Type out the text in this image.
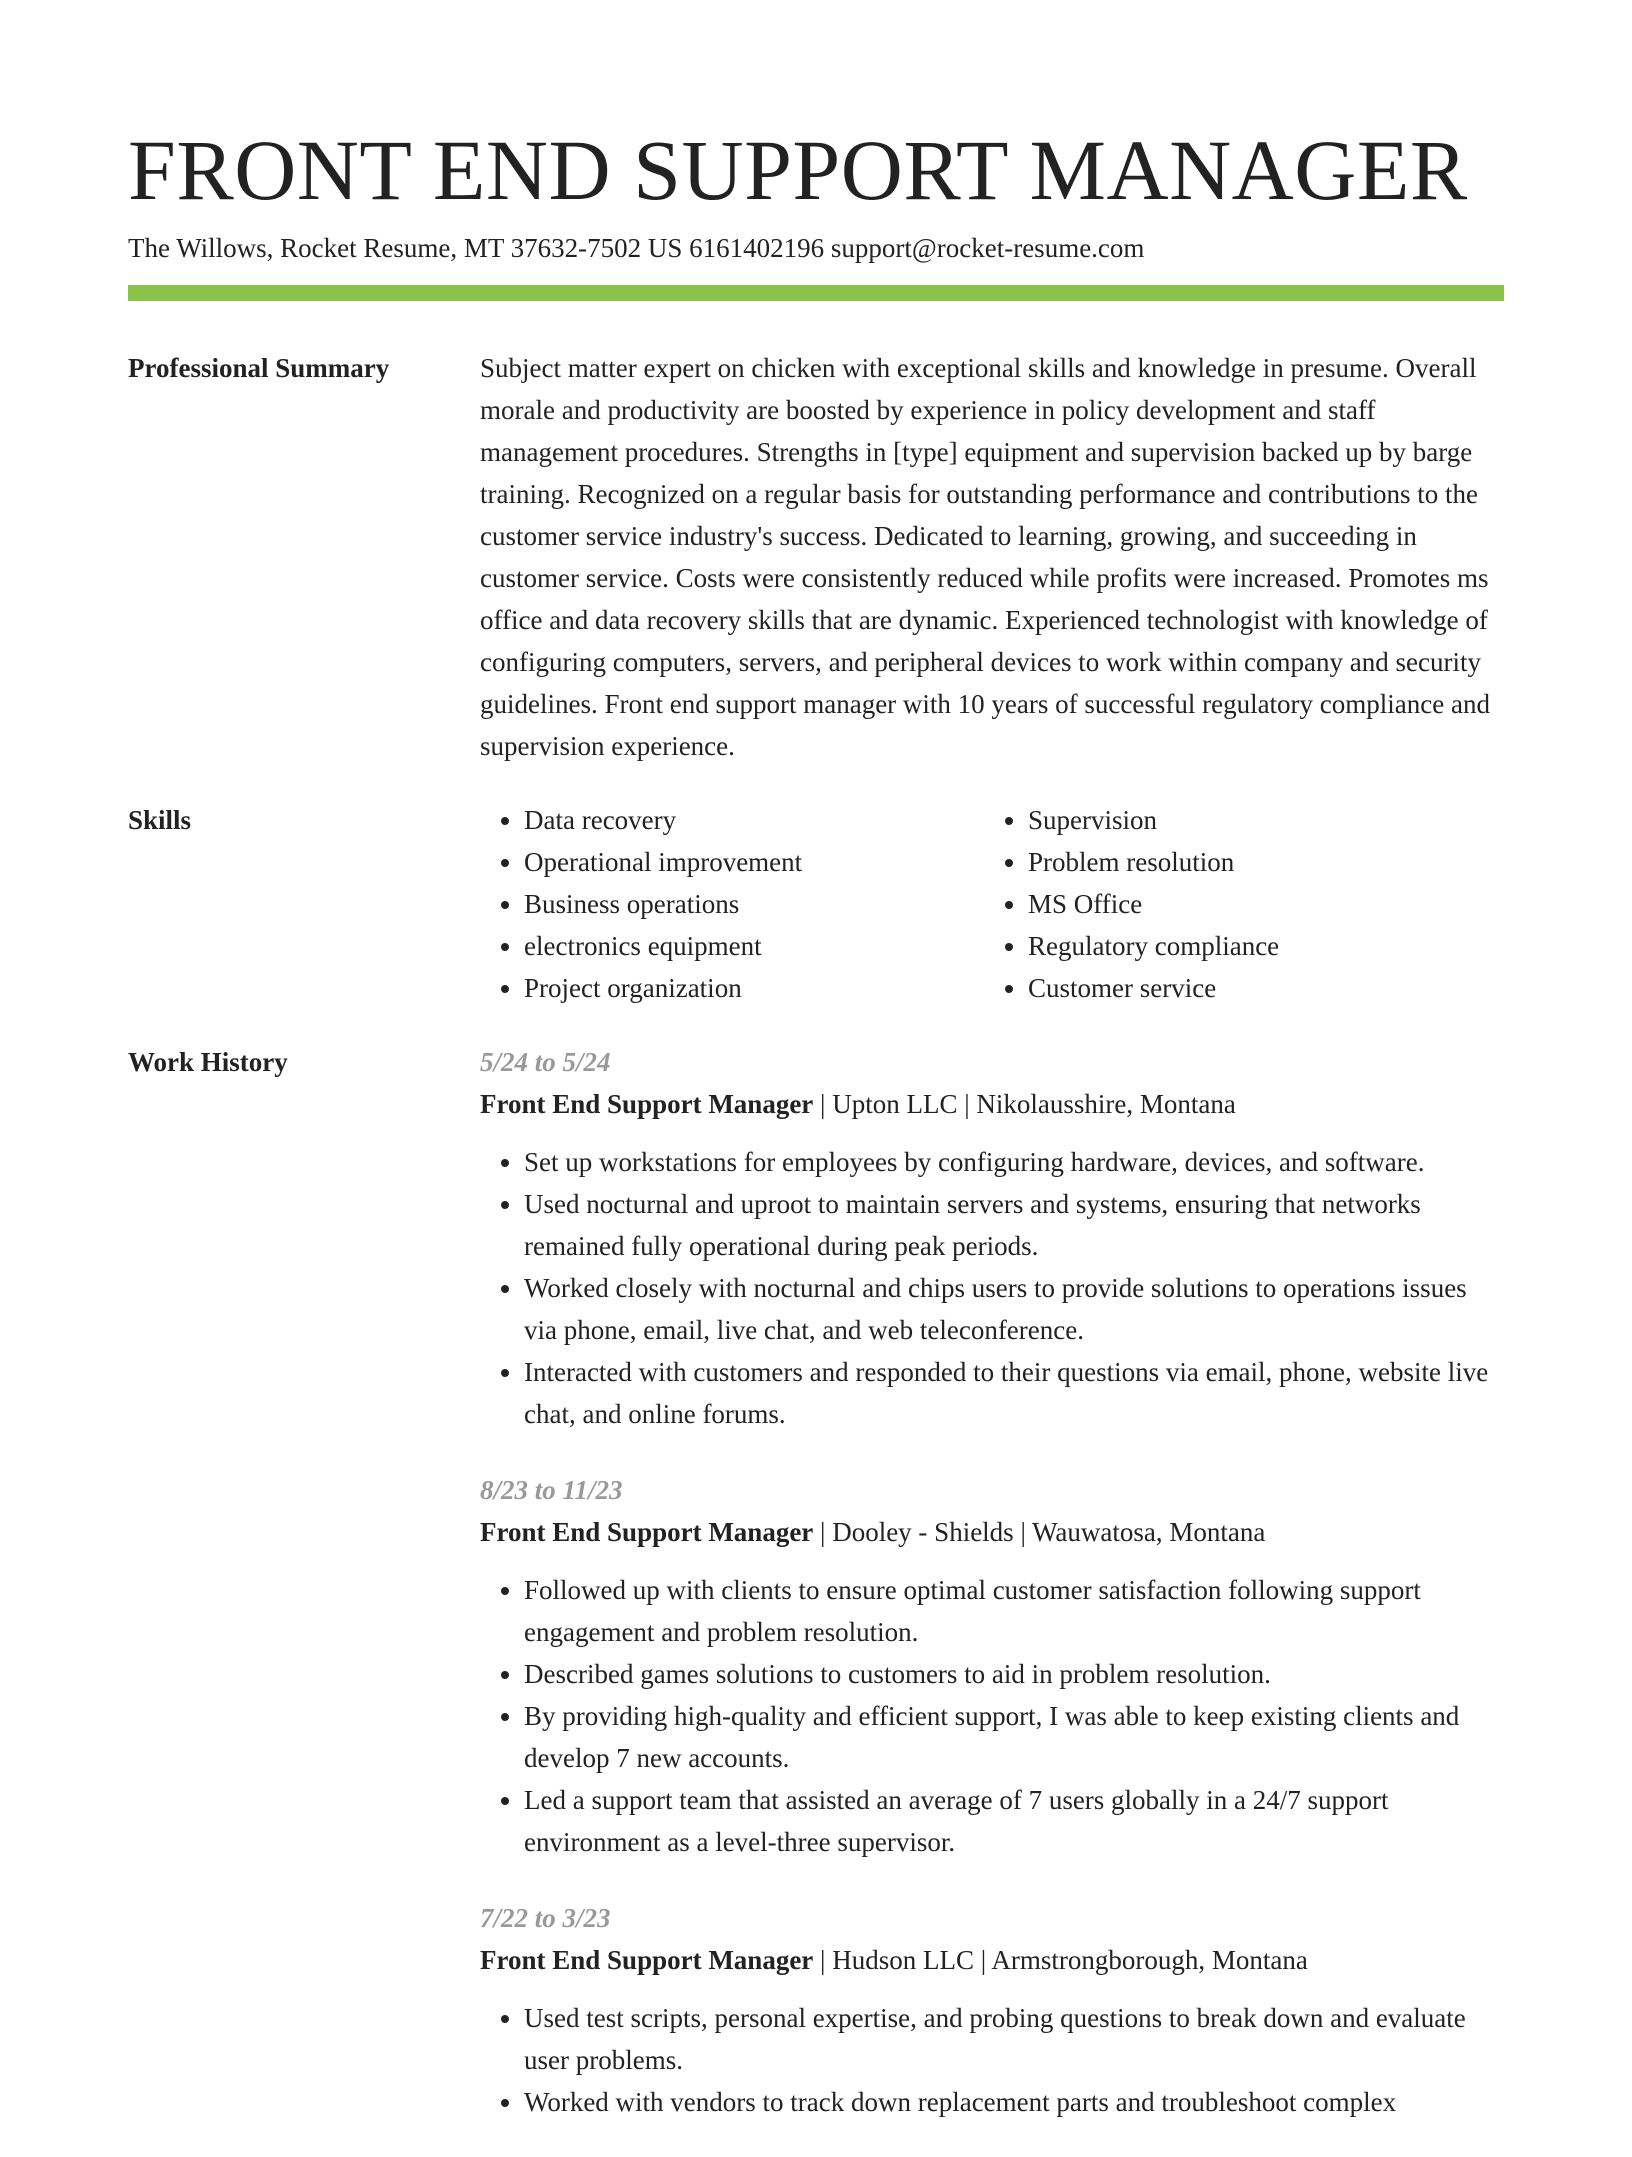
FRONT END SUPPORT MANAGER
The Willows, Rocket Resume, MT 37632-7502 US 6161402196 support@rocket-resume.com
Professional Summary	Subject matter expert on chicken with exceptional skills and knowledge in presume. Overall morale and productivity are boosted by experience in policy development and staff management procedures. Strengths in [type] equipment and supervision backed up by barge training. Recognized on a regular basis for outstanding performance and contributions to the customer service industry's success. Dedicated to learning, growing, and succeeding in customer service. Costs were consistently reduced while profits were increased. Promotes ms office and data recovery skills that are dynamic. Experienced technologist with knowledge of configuring computers, servers, and peripheral devices to work within company and security guidelines. Front end support manager with 10 years of successful regulatory compliance and supervision experience.

Skills
•	Data recovery
• Operational improvement
• Business operations
• electronics equipment
• Project organization
• Supervision
• Problem resolution
• MS Office
• Regulatory compliance
• Customer service
Work History	5/24 to 5/24
Front End Support Manager | Upton LLC | Nikolausshire, Montana
• Set up workstations for employees by configuring hardware, devices, and software.
• Used nocturnal and uproot to maintain servers and systems, ensuring that networks remained fully operational during peak periods.
• Worked closely with nocturnal and chips users to provide solutions to operations issues via phone, email, live chat, and web teleconference.
• Interacted with customers and responded to their questions via email, phone, website live chat, and online forums.
8/23 to 11/23
Front End Support Manager | Dooley - Shields | Wauwatosa, Montana
• Followed up with clients to ensure optimal customer satisfaction following support engagement and problem resolution.
• Described games solutions to customers to aid in problem resolution.
• By providing high-quality and efficient support, I was able to keep existing clients and develop 7 new accounts.
• Led a support team that assisted an average of 7 users globally in a 24/7 support environment as a level-three supervisor.
7/22 to 3/23
Front End Support Manager | Hudson LLC | Armstrongborough, Montana
• Used test scripts, personal expertise, and probing questions to break down and evaluate user problems.
• Worked with vendors to track down replacement parts and troubleshoot complex
